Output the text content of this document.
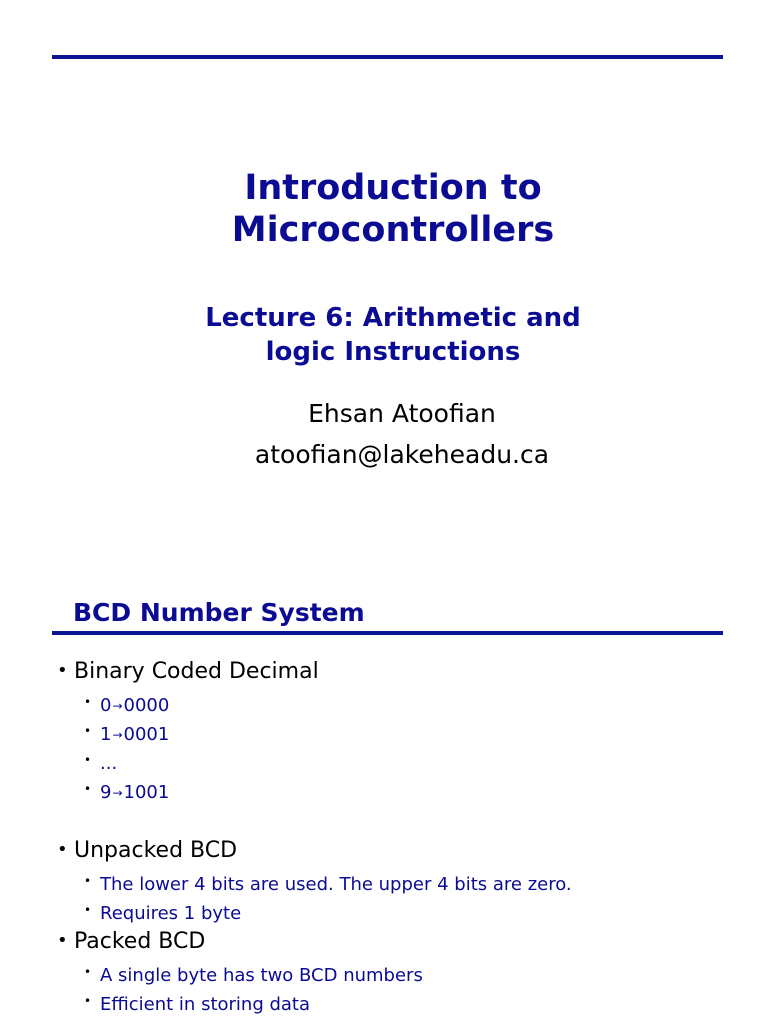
Introduction to
Microcontrollers
Lecture 6: Arithmetic and
logic Instructions
Ehsan Atoofian
atoofian@lakeheadu.ca
BCD Number System
• Binary Coded Decimal
• 0→0000
• 1→0001
• ...
• 9→1001
• Unpacked BCD
• The lower 4 bits are used. The upper 4 bits are zero.
• Requires 1 byte
• Packed BCD
• A single byte has two BCD numbers
• Efficient in storing data
